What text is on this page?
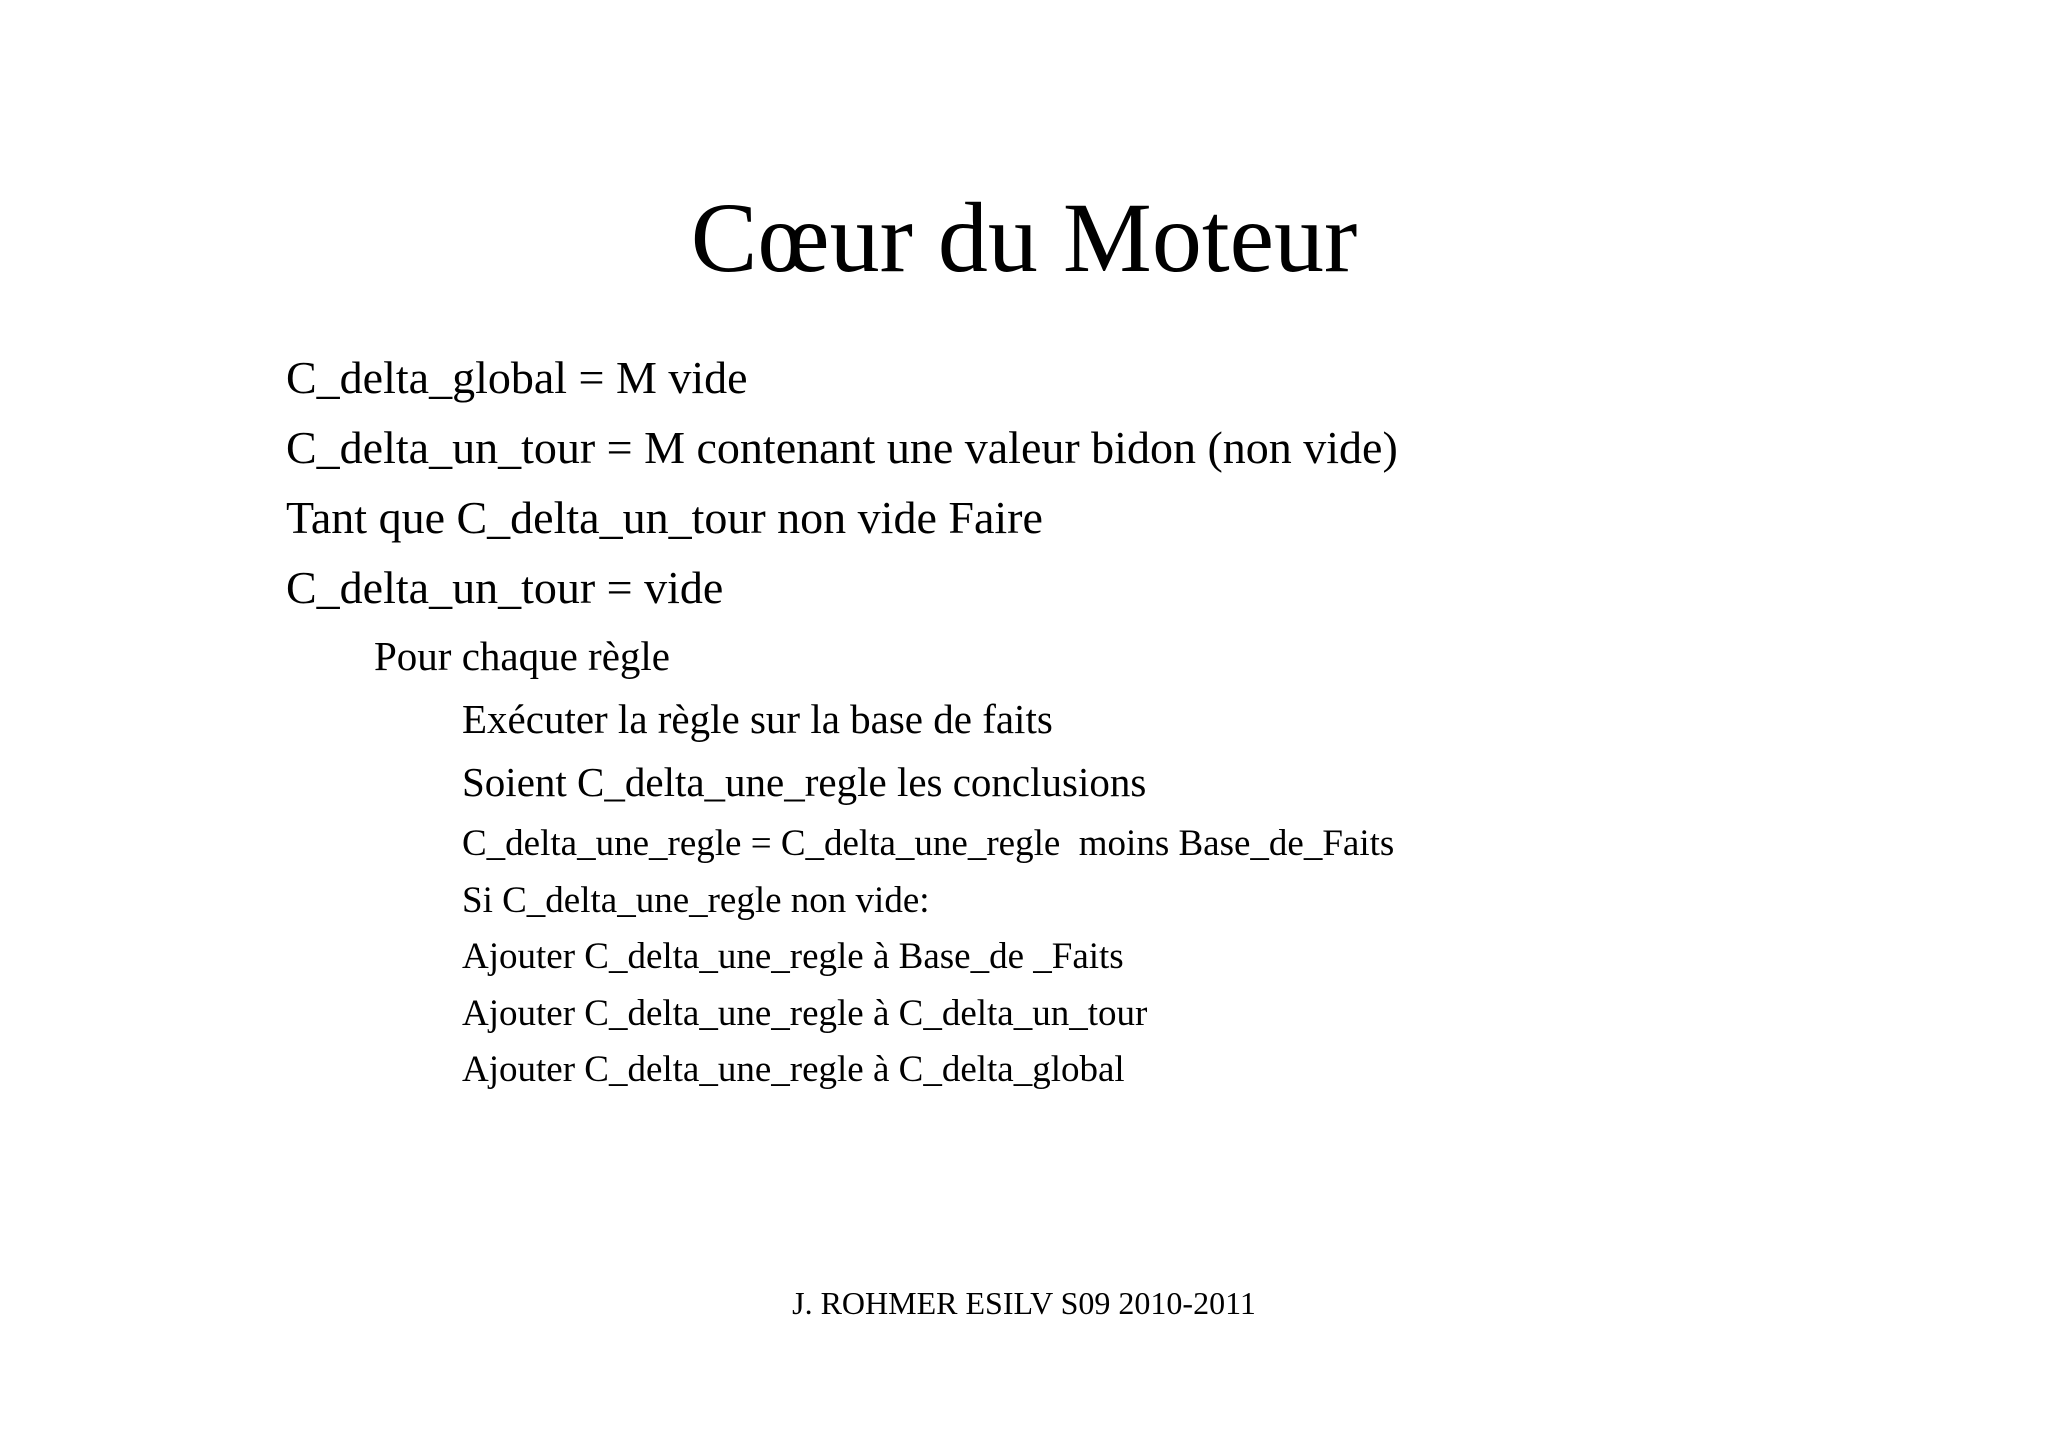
Cœur du Moteur
C_delta_global = M vide
C_delta_un_tour = M contenant une valeur bidon (non vide)
Tant que C_delta_un_tour non vide Faire
C_delta_un_tour = vide
Pour chaque règle
Exécuter la règle sur la base de faits
Soient C_delta_une_regle les conclusions
C_delta_une_regle = C_delta_une_regle  moins Base_de_Faits
Si C_delta_une_regle non vide:
Ajouter C_delta_une_regle à Base_de _Faits
Ajouter C_delta_une_regle à C_delta_un_tour
Ajouter C_delta_une_regle à C_delta_global
J. ROHMER ESILV S09 2010-2011
